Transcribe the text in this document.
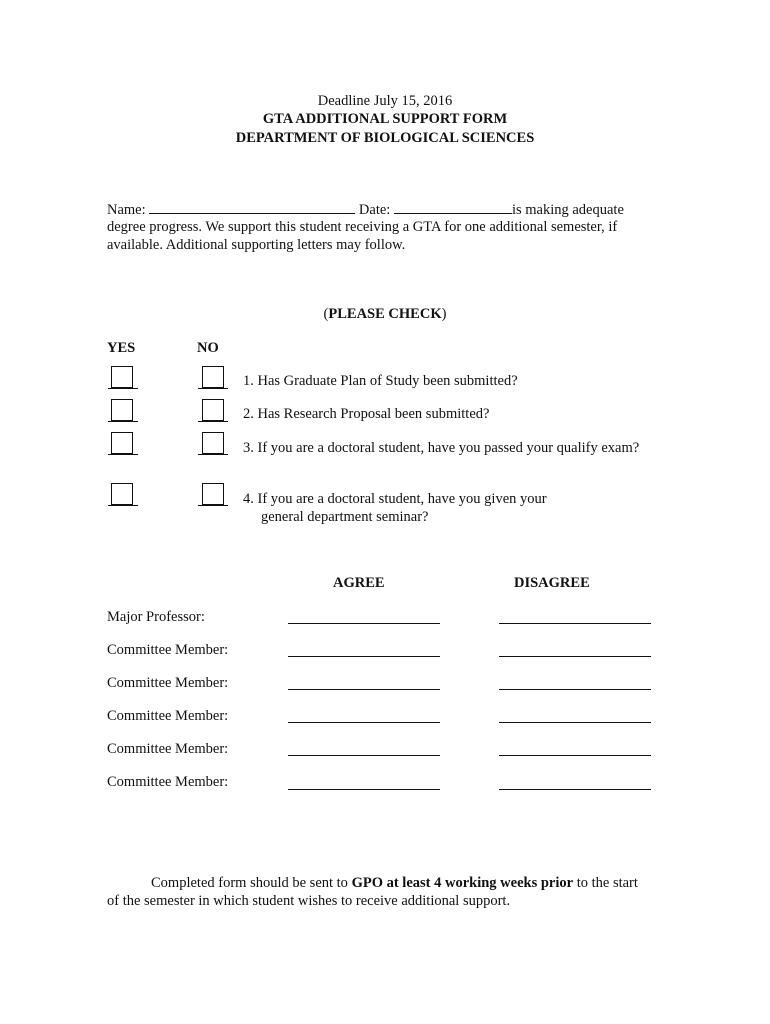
Deadline July 15, 2016
GTA ADDITIONAL SUPPORT FORM
DEPARTMENT OF BIOLOGICAL SCIENCES
Name:	Date:	is making adequate
degree progress. We support this student receiving a GTA for one additional semester, if
available. Additional supporting letters may follow.
(PLEASE CHECK)
YES	NO
1. Has Graduate Plan of Study been submitted?
2. Has Research Proposal been submitted?
3. If you are a doctoral student, have you passed your qualify exam?
4. If you are a doctoral student, have you given your
general department seminar?
AGREE	DISAGREE
Major Professor:
Committee Member:
Committee Member:
Committee Member:
Committee Member:
Committee Member:
Completed form should be sent to GPO at least 4 working weeks prior to the start
of the semester in which student wishes to receive additional support.
